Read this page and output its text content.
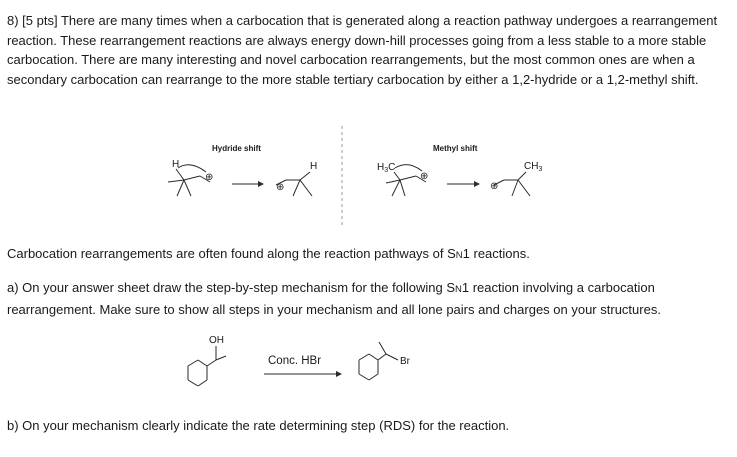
8) [5 pts] There are many times when a carbocation that is generated along a reaction pathway undergoes a rearrangement reaction. These rearrangement reactions are always energy down-hill processes going from a less stable to a more stable carbocation. There are many interesting and novel carbocation rearrangements, but the most common ones are when a secondary carbocation can rearrange to the more stable tertiary carbocation by either a 1,2-hydride or a 1,2-methyl shift.

Hydride shift
H
⊕
⊕
H
Methyl shift
$H_3C$
⊕
⊕
$CH_3$
OH
Conc. HBr	Br

Carbocation rearrangements are often found along the reaction pathways of SN1 reactions.

a) On your answer sheet draw the step-by-step mechanism for the following SN1 reaction involving a carbocation rearrangement. Make sure to show all steps in your mechanism and all lone pairs and charges on your structures.

b) On your mechanism clearly indicate the rate determining step (RDS) for the reaction.
